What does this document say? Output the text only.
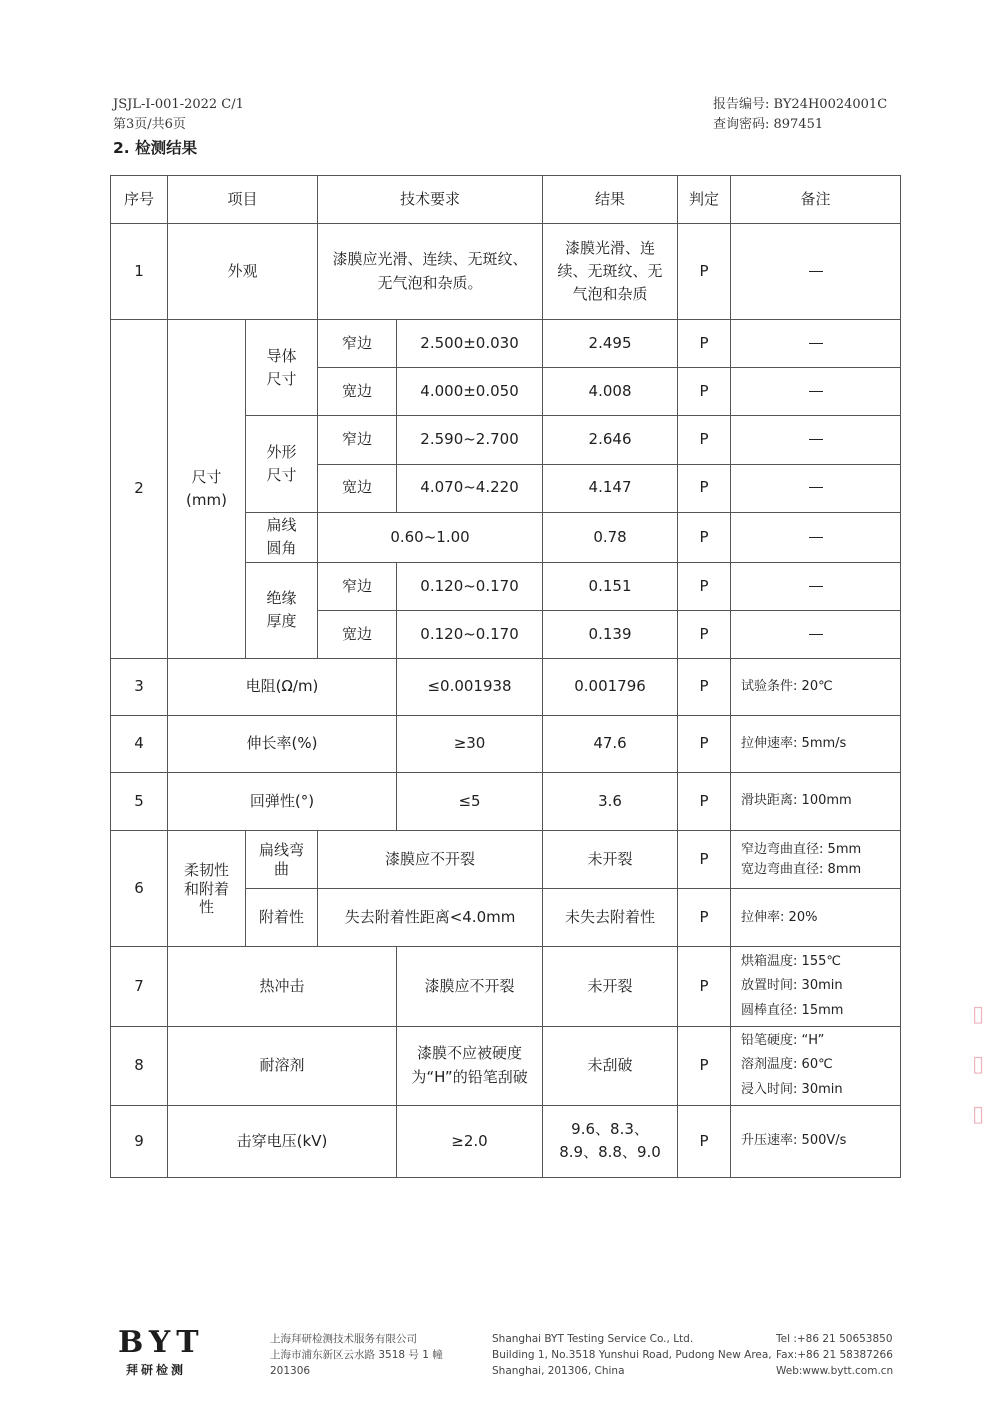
JSJL-I-001-2022 C/1
第3页/共6页
报告编号: BY24H0024001C
查询密码: 897451
2. 检测结果
序号	项目		技术要求		结果	判定	备注
1	外观		漆膜应光滑、连续、无斑纹、无气泡和杂质。		漆膜光滑、连续、无斑纹、无气泡和杂质	P	
2	尺寸 (mm)	导体尺寸	窄边	2.500±0.030	2.495	P	
			宽边	4.000±0.050	4.008	P	
		外形尺寸	窄边	2.590~2.700	2.646	P	
			宽边	4.070~4.220	4.147	P	
		扁线圆角	0.60~1.00		0.78	P	
		绝缘厚度	窄边	0.120~0.170	0.151	P	
			宽边	0.120~0.170	0.139	P	
3	电阻(Ω/m)			≤0.001938	0.001796	P	试验条件: 20℃
4	伸长率(%)			≥30	47.6	P	拉伸速率: 5mm/s
5	回弹性(°)			≤5	3.6	P	滑块距离: 100mm
6	柔韧性和附着性	扁线弯曲	漆膜应不开裂		未开裂	P	窄边弯曲直径: 5mm
宽边弯曲直径: 8mm

		附着性	失去附着性距离<4.0mm		未失去附着性	P	拉伸率: 20%
7	热冲击			漆膜应不开裂	未开裂	P	烘箱温度: 155℃
放置时间: 30min
圆棒直径: 15mm

8	耐溶剂			漆膜不应被硬度为“H”的铅笔刮破	未刮破	P	铅笔硬度: “H”
溶剂温度: 60℃
浸入时间: 30min

9	击穿电压(kV)			≥2.0	9.6、8.3、8.9、8.8、9.0	P	升压速率: 500V/s
▯
▯
▯
BYT
拜研检测
上海拜研检测技术服务有限公司
上海市浦东新区云水路 3518 号 1 幢
201306
Shanghai BYT Testing Service Co., Ltd.
Building 1, No.3518 Yunshui Road, Pudong New Area,
Shanghai, 201306, China
Tel :+86 21 50653850
Fax:+86 21 58387266
Web:www.bytt.com.cn
